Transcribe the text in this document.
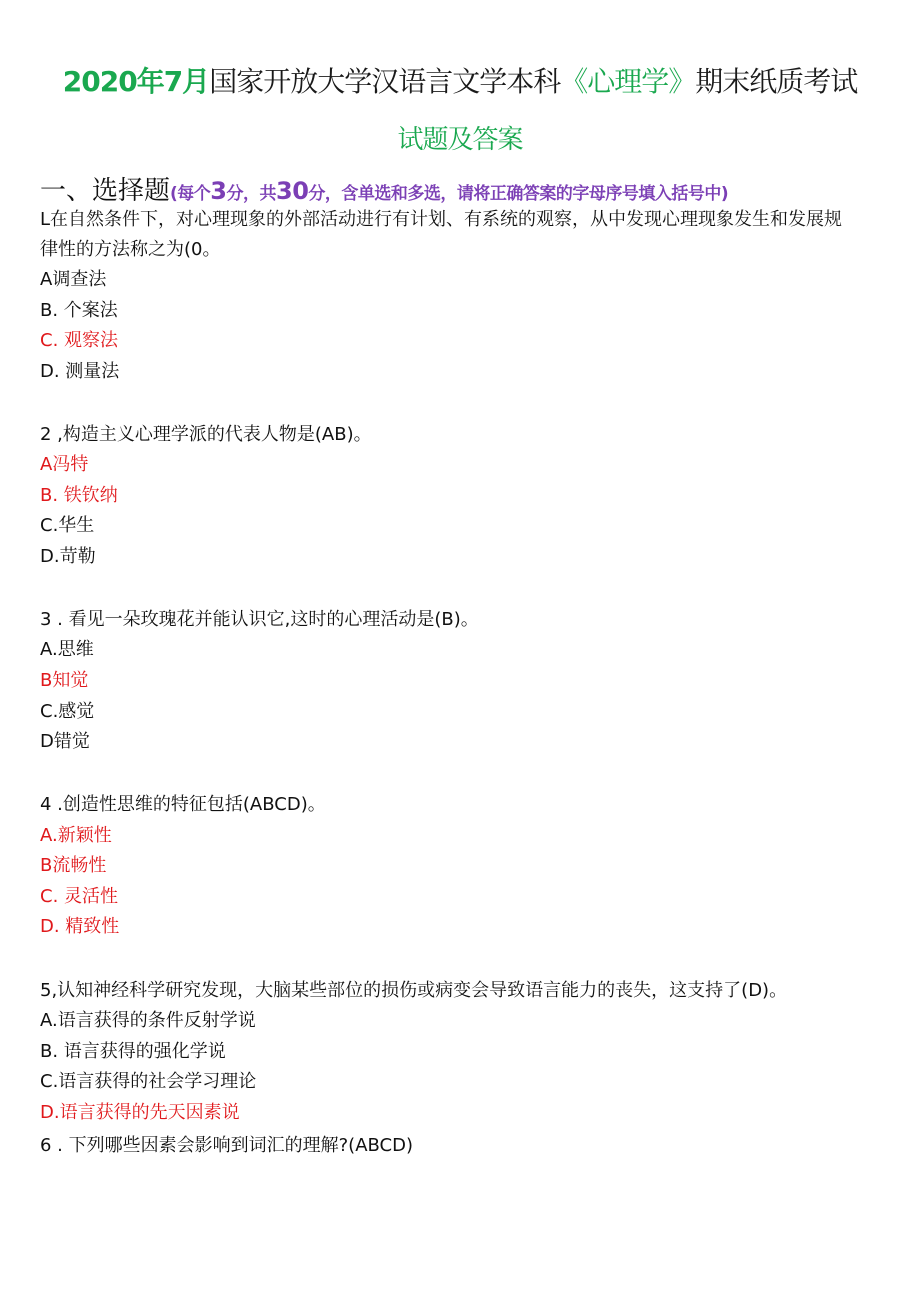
2020年7月国家开放大学汉语言文学本科《心理学》期末纸质考试
试题及答案
一、选择题(每个3分，共30分，含单选和多选，请将正确答案的字母序号填入括号中)
L在自然条件下，对心理现象的外部活动进行有计划、有系统的观察，从中发现心理现象发生和发展规
律性的方法称之为(0。
A调查法
B. 个案法
C. 观察法
D. 测量法
2 ,构造主义心理学派的代表人物是(AB)。
A冯特
B. 铁钦纳
C.华生
D.苛勒
3 . 看见一朵玫瑰花并能认识它,这时的心理活动是(B)。
A.思维
B知觉
C.感觉
D错觉
4 .创造性思维的特征包括(ABCD)。
A.新颖性
B流畅性
C. 灵活性
D. 精致性
5,认知神经科学研究发现，大脑某些部位的损伤或病变会导致语言能力的丧失，这支持了(D)。
A.语言获得的条件反射学说
B. 语言获得的强化学说
C.语言获得的社会学习理论
D.语言获得的先天因素说
6 . 下列哪些因素会影响到词汇的理解?(ABCD)
